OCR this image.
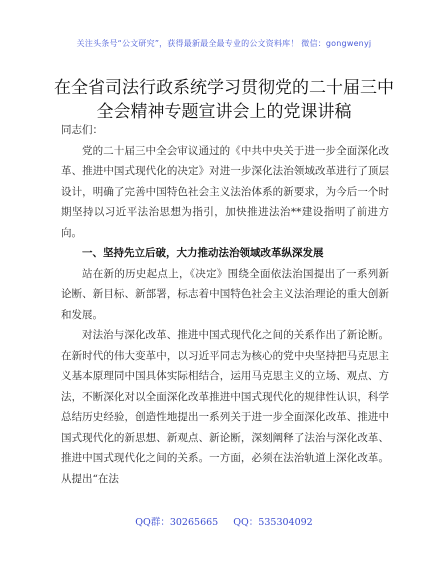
关注头条号“公文研究”，获得最新最全最专业的公文资料库！ 微信：gongwenyj
在全省司法行政系统学习贯彻党的二十届三中
全会精神专题宣讲会上的党课讲稿

同志们：

党的二十届三中全会审议通过的《中共中央关于进一步全面深化改革、推进中国式现代化的决定》对进一步深化法治领域改革进行了顶层设计，明确了完善中国特色社会主义法治体系的新要求，为今后一个时期坚持以习近平法治思想为指引，加快推进法治**建设指明了前进方向。

一、坚持先立后破，大力推动法治领域改革纵深发展

站在新的历史起点上，《决定》围绕全面依法治国提出了一系列新论断、新目标、新部署，标志着中国特色社会主义法治理论的重大创新和发展。

对法治与深化改革、推进中国式现代化之间的关系作出了新论断。在新时代的伟大变革中，以习近平同志为核心的党中央坚持把马克思主义基本原理同中国具体实际相结合，运用马克思主义的立场、观点、方法，不断深化对以全面深化改革推进中国式现代化的规律性认识，科学总结历史经验，创造性地提出一系列关于进一步全面深化改革、推进中国式现代化的新思想、新观点、新论断，深刻阐释了法治与深化改革、推进中国式现代化之间的关系。一方面，必须在法治轨道上深化改革。从提出“在法

QQ群：30265665 QQ：535304092
